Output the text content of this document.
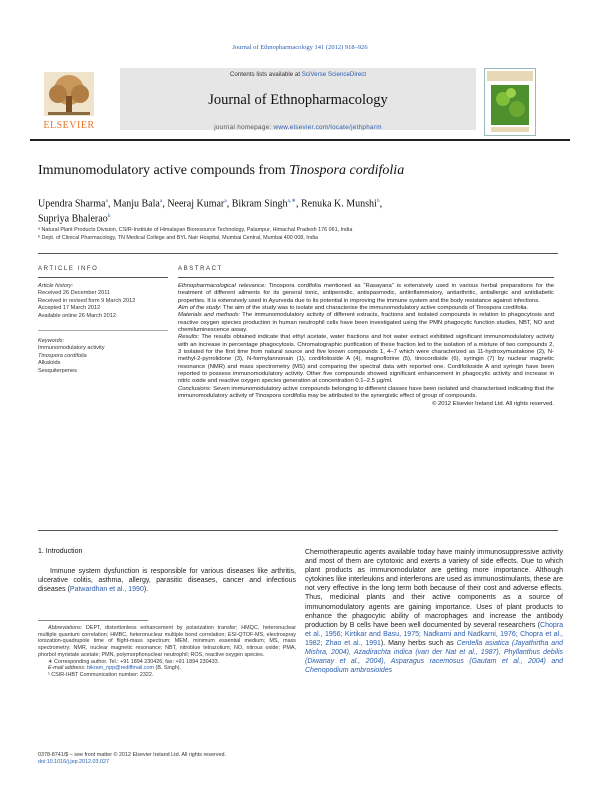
Journal of Ethnopharmacology 141 (2012) 918–926
Contents lists available at SciVerse ScienceDirect
Journal of Ethnopharmacology
journal homepage: www.elsevier.com/locate/jethpharm
ELSEVIER
Immunomodulatory active compounds from Tinospora cordifolia
Upendra Sharma$^a$, Manju Bala$^a$, Neeraj Kumar$^a$, Bikram Singh$^{a,∗}$, Renuka K. Munshi$^b$,
Supriya Bhalerao$^b$
ᵃ Natural Plant Products Division, CSIR-Institute of Himalayan Bioresource Technology, Palampur, Himachal Pradesh 176 061, India
ᵇ Dept. of Clinical Pharmacology, TN Medical College and BYL Nair Hospital, Mumbai Central, Mumbai 400 008, India
ARTICLE INFO
Article history:
Received 26 December 2011
Received in revised form 9 March 2012
Accepted 17 March 2012
Available online 26 March 2012
Keywords:
Immunomodulatory activity
Tinospora cordifolia
Alkaloids
Sesquiterpenes
ABSTRACT

Ethnopharmacological relevance: Tinospora cordifolia mentioned as “Rasayana” is extensively used in various herbal preparations for the treatment of different ailments for its general tonic, antiperiodic, antispasmodic, antiinflammatory, antiarthritic, antiallergic and antidiabetic properties. It is extensively used in Ayurveda due to its potential in improving the immune system and the body resistance against infections.

Aim of the study: The aim of the study was to isolate and characterise the immunomodulatory active compounds of Tinospora cordifolia.

Materials and methods: The immunomodulatory activity of different extracts, fractions and isolated compounds in relation to phagocytosis and reactive oxygen species production in human neutrophil cells have been investigated using the PMN phagocytic function studies, NBT, NO and chemiluminescence assay.

Results: The results obtained indicate that ethyl acetate, water fractions and hot water extract exhibited significant immunomodulatory activity with an increase in percentage phagocytosis. Chromatographic purification of these fraction led to the isolation of a mixture of two compounds 2, 3 isolated for the first time from natural source and five known compounds 1, 4–7 which were characterized as 11-hydroxymustakone (2), N-methyl-2-pyrrolidone (3), N-formylannonain (1), cordifolioside A (4), magnoflorine (5), tinocordiside (6), syringin (7) by nuclear magnetic resonance (NMR) and mass spectrometry (MS) and comparing the spectral data with reported one. Cordifolioside A and syringin have been reported to possess immunomodulatory activity. Other five compounds showed significant enhancement in phagocytic activity and increase in nitric oxide and reactive oxygen species generation at concentration 0.1–2.5 μg/ml.

Conclusions: Seven immunomodulatory active compounds belonging to different classes have been isolated and characterised indicating that the immunomodulatory activity of Tinospora cordifolia may be attributed to the synergistic effect of group of compounds.

© 2012 Elsevier Ireland Ltd. All rights reserved.

1. Introduction

Immune system dysfunction is responsible for various diseases like arthritis, ulcerative colitis, asthma, allergy, parasitic diseases, cancer and infectious diseases (Patwardhan et al., 1990).

Chemotherapeutic agents available today have mainly immunosuppressive activity and most of them are cytotoxic and exerts a variety of side effects. Due to which plant products as immunomodulator are getting more importance. Although cytokines like interleukins and interferons are used as immunostimulants, these are not very effective in the long term both because of their cost and adverse effects. Thus, medicinal plants and their active components as a source of immunomodulatory agents are gaining importance. Uses of plant products to enhance the phagocytic ability of macrophages and increase the antibody production by B cells have been well documented by several researchers (Chopra et al., 1956; Kirtikar and Basu, 1975; Nadkarni and Nadkarni, 1976; Chopra et al., 1982; Zhao et al., 1991). Many herbs such as Centella asiatica (Jayathirtha and Mishra, 2004), Azadirachta indica (van der Nat et al., 1987), Phyllanthus debilis (Diwanay et al., 2004), Asparagus racemosus (Gautam et al., 2004) and Chenopodium ambrosioides

Abbreviations: DEPT, distortionless enhancement by polarization transfer; HMQC, heteronuclear multiple quantum correlation; HMBC, heteronuclear multiple bond correlation; ESI-QTOF-MS, electrospray ionization-quadrupole time of flight-mass spectrum; MEM, minimum essential medium; MS, mass spectrometry; NMR, nuclear magnetic resonance; NBT, nitroblue tetrazolium; NO, nitrous oxide; PMA, phorbol myristate acetate; PMN, polymorphonuclear neutrophil; ROS, reactive oxygen species.

∗ Corresponding author. Tel.: +91 1894 230426; fax: +91 1894 230433.

E-mail address: bikram_npp@rediffmail.com (B. Singh).

¹ CSIR-IHBT Communication number: 2322.

0378-8741/$ – see front matter © 2012 Elsevier Ireland Ltd. All rights reserved.
doi:10.1016/j.jep.2012.03.027
